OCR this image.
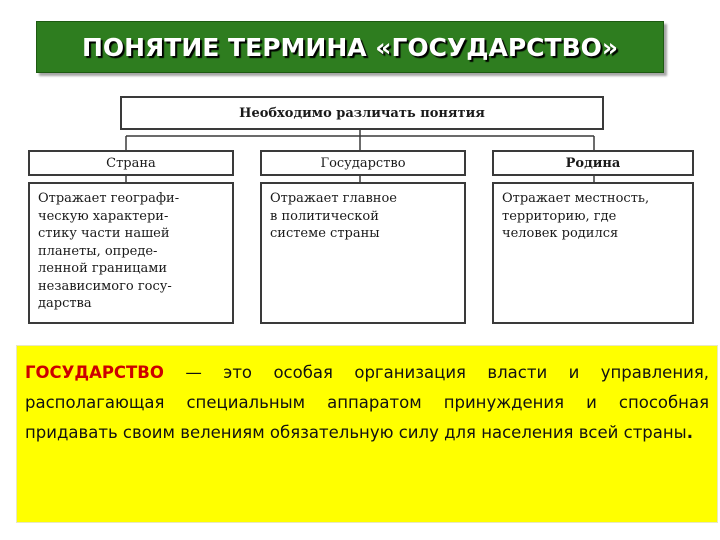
ПОНЯТИЕ ТЕРМИНА «ГОСУДАРСТВО»
Необходимо различать понятия
Страна	Государство	Родина
Отражает географи-
ческую характери-
стику части нашей
планеты, опреде-
ленной границами
независимого госу-
дарства
Отражает главное
в политической
системе страны
Отражает местность,
территорию, где
человек родился

ГОСУДАРСТВО — это особая организация власти и управления, располагающая специальным аппаратом принуждения и способная придавать своим велениям обязательную силу для населения всей страны.
